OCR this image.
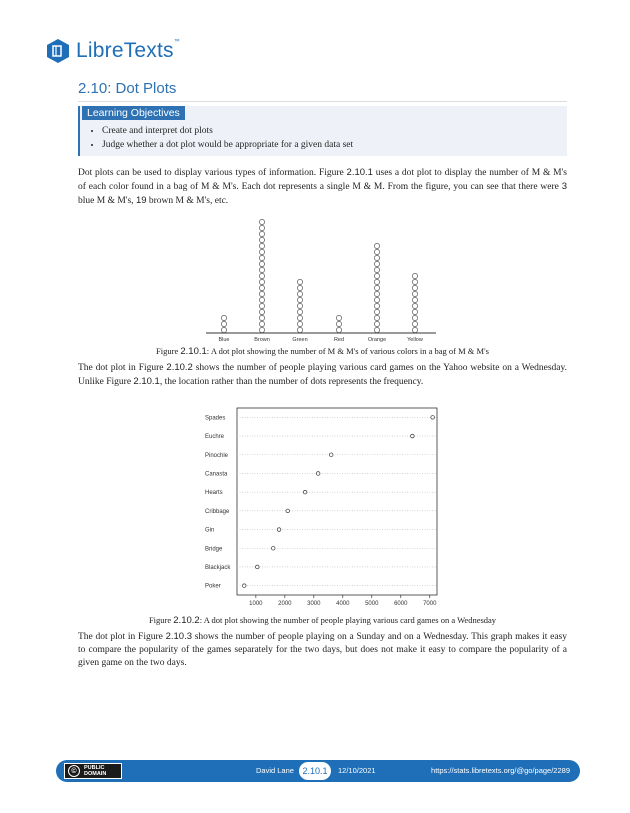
LibreTexts™
2.10: Dot Plots
Learning Objectives
• Create and interpret dot plots
• Judge whether a dot plot would be appropriate for a given data set

Dot plots can be used to display various types of information. Figure 2.10.1 uses a dot plot to display the number of M & M's of each color found in a bag of M & M's. Each dot represents a single M & M. From the figure, you can see that there were 3 blue M & M's, 19 brown M & M's, etc.

Blue	Brown	Green	Red	Orange	Yellow
Figure 2.10.1: A dot plot showing the number of M & M's of various colors in a bag of M & M's

The dot plot in Figure 2.10.2 shows the number of people playing various card games on the Yahoo website on a Wednesday. Unlike Figure 2.10.1, the location rather than the number of dots represents the frequency.

Spades
Euchre
Pinochle
Canasta
Hearts
Cribbage
Gin
Bridge
Blackjack
Poker
1000	2000	3000	4000	5000	6000	7000
Figure 2.10.2: A dot plot showing the number of people playing various card games on a Wednesday

The dot plot in Figure 2.10.3 shows the number of people playing on a Sunday and on a Wednesday. This graph makes it easy to compare the popularity of the games separately for the two days, but does not make it easy to compare the popularity of a given game on the two days.

©	PUBLIC
DOMAIN	David Lane 2.10.1	12/10/2021	https://stats.libretexts.org/@go/page/2289
